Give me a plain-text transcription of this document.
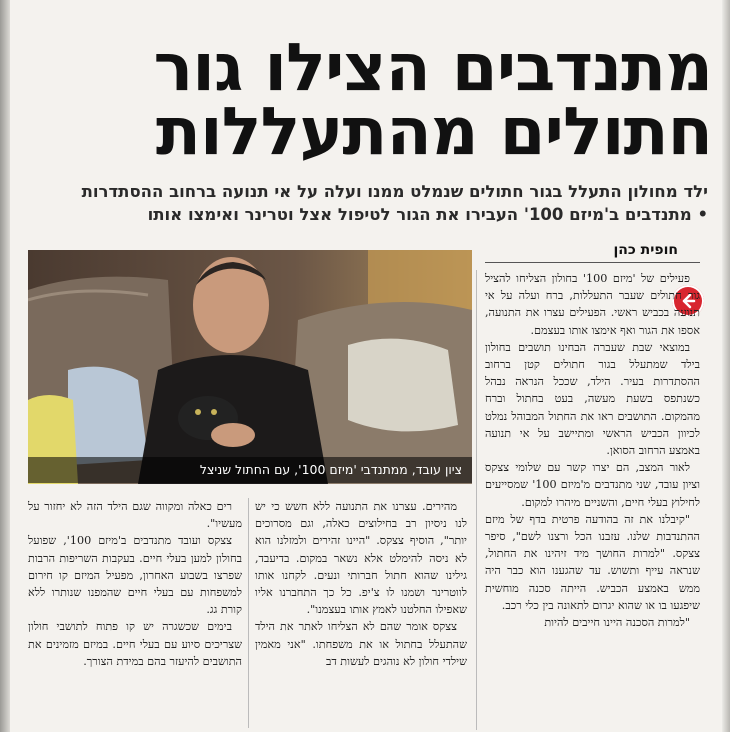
מתנדבים הצילו גור
חתולים מהתעללות
ילד מחולון התעלל בגור חתולים שנמלט ממנו ועלה על אי תנועה ברחוב ההסתדרות
• מתנדבים ב'מיזם 100' העבירו את הגור לטיפול אצל וטרינר ואימצו אותו
חופית כהן
ציון עובד, ממתנדבי 'מיזם 100', עם החתול שניצל

פעילים של 'מיזם 100' בחולון הצליחו להציל גור חתולים שעבר התעללות, ברח ועלה על אי תנועה בכביש ראשי. הפעילים עצרו את התנועה, אספו את הגור ואף אימצו אותו בעצמם.

במוצאי שבת שעברה הבחינו תושבים בחולון בילד שמתעלל בגור חתולים קטן ברחוב ההסתדרות בעיר. הילד, שככל הנראה נבהל כשנתפס בשעת מעשה, בעט בחתול וברח מהמקום. התושבים ראו את החתול המבוהל נמלט לכיוון הכביש הראשי ומתיישב על אי תנועה באמצע הרחוב הסואן.

לאור המצב, הם יצרו קשר עם שלומי צצקס וציון עובד, שני מתנדבים מ'מיזם 100' שמסייעים לחילוץ בעלי חיים, והשניים מיהרו למקום.

"קיבלנו את זה בהודעה פרטית בדף של מיזם ההתנדבות שלנו. עזבנו הכל ורצנו לשם", סיפר צצקס. "למרות החושך מיד זיהינו את החתול, שנראה עייף ותשוש. עד שהגענו הוא כבר היה ממש באמצע הכביש. הייתה סכנה מוחשית שיפגעו בו או שהוא יגרום לתאונה בין כלי רכב.

"למרות הסכנה היינו חייבים להיות

מהירים. עצרנו את התנועה ללא חשש כי יש לנו ניסיון רב בחילוצים כאלה, וגם מסרוכים יותר", הוסיף צצקס. "היינו זהירים ולמזלנו הוא לא ניסה להימלט אלא נשאר במקום. בדיעבד, גילינו שהוא חתול חברותי ונעים. לקחנו אותו לווטרינר ושמנו לו צ'יפ. כל כך התחברנו אליו שאפילו החלטנו לאמץ אותו בעצמנו".

צצקס אומר שהם לא הצליחו לאתר את הילד שהתעלל בחתול או את משפחתו. "אני מאמין שילדי חולון לא נוהגים לעשות דב

רים כאלה ומקווה שגם הילד הזה לא יחזור על מעשיו".

צצקס ועובד מתנדבים ב'מיזם 100', שפועל בחולון למען בעלי חיים. בעקבות השריפות הרבות שפרצו בשבוע האחרון, מפעיל המיזם קו חירום למשפחות עם בעלי חיים שהמפנו שנותרו ללא קורת גג.

בימים שכשגרה יש קו פתוח לתושבי חולון שצריכים סיוע עם בעלי חיים. במיזם מזמינים את התושבים להיעזר בהם במידת הצורך.
